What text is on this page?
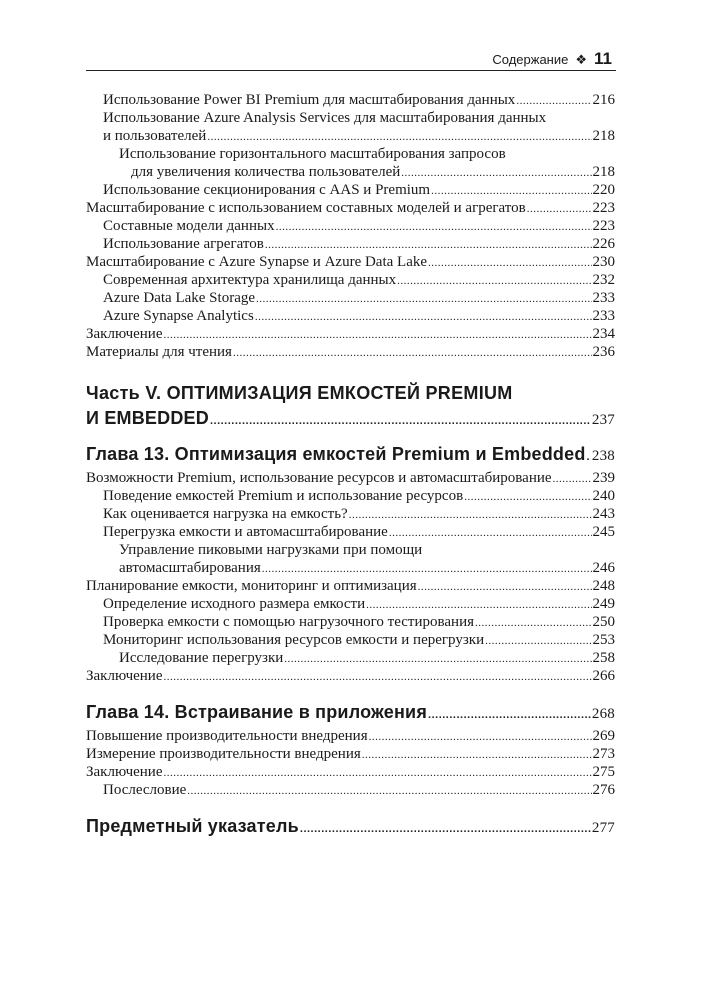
Содержание ❖ 11
Использование Power BI Premium для масштабирования данных .....	216
Использование Azure Analysis Services для масштабирования данных
и пользователей .....	218
Использование горизонтального масштабирования запросов
для увеличения количества пользователей .....	218
Использование секционирования с AAS и Premium .....	220
Масштабирование с использованием составных моделей и агрегатов .....	223
Составные модели данных .....	223
Использование агрегатов .....	226
Масштабирование с Azure Synapse и Azure Data Lake .....	230
Современная архитектура хранилища данных .....	232
Azure Data Lake Storage .....	233
Azure Synapse Analytics .....	233
Заключение .....	234
Материалы для чтения .....	236
Часть V. ОПТИМИЗАЦИЯ ЕМКОСТЕЙ PREMIUM
И EMBEDDED .....	237
Глава 13. Оптимизация емкостей Premium и Embedded ..... 238
Возможности Premium, использование ресурсов и автомасштабирование .....	239
Поведение емкостей Premium и использование ресурсов .....	240
Как оценивается нагрузка на емкость? .....	243
Перегрузка емкости и автомасштабирование .....	245
Управление пиковыми нагрузками при помощи
автомасштабирования .....	246
Планирование емкости, мониторинг и оптимизация .....	248
Определение исходного размера емкости .....	249
Проверка емкости с помощью нагрузочного тестирования .....	250
Мониторинг использования ресурсов емкости и перегрузки .....	253
Исследование перегрузки .....	258
Заключение .....	266
Глава 14. Встраивание в приложения .....	268
Повышение производительности внедрения .....	269
Измерение производительности внедрения .....	273
Заключение .....	275
Послесловие .....	276
Предметный указатель .....	277
